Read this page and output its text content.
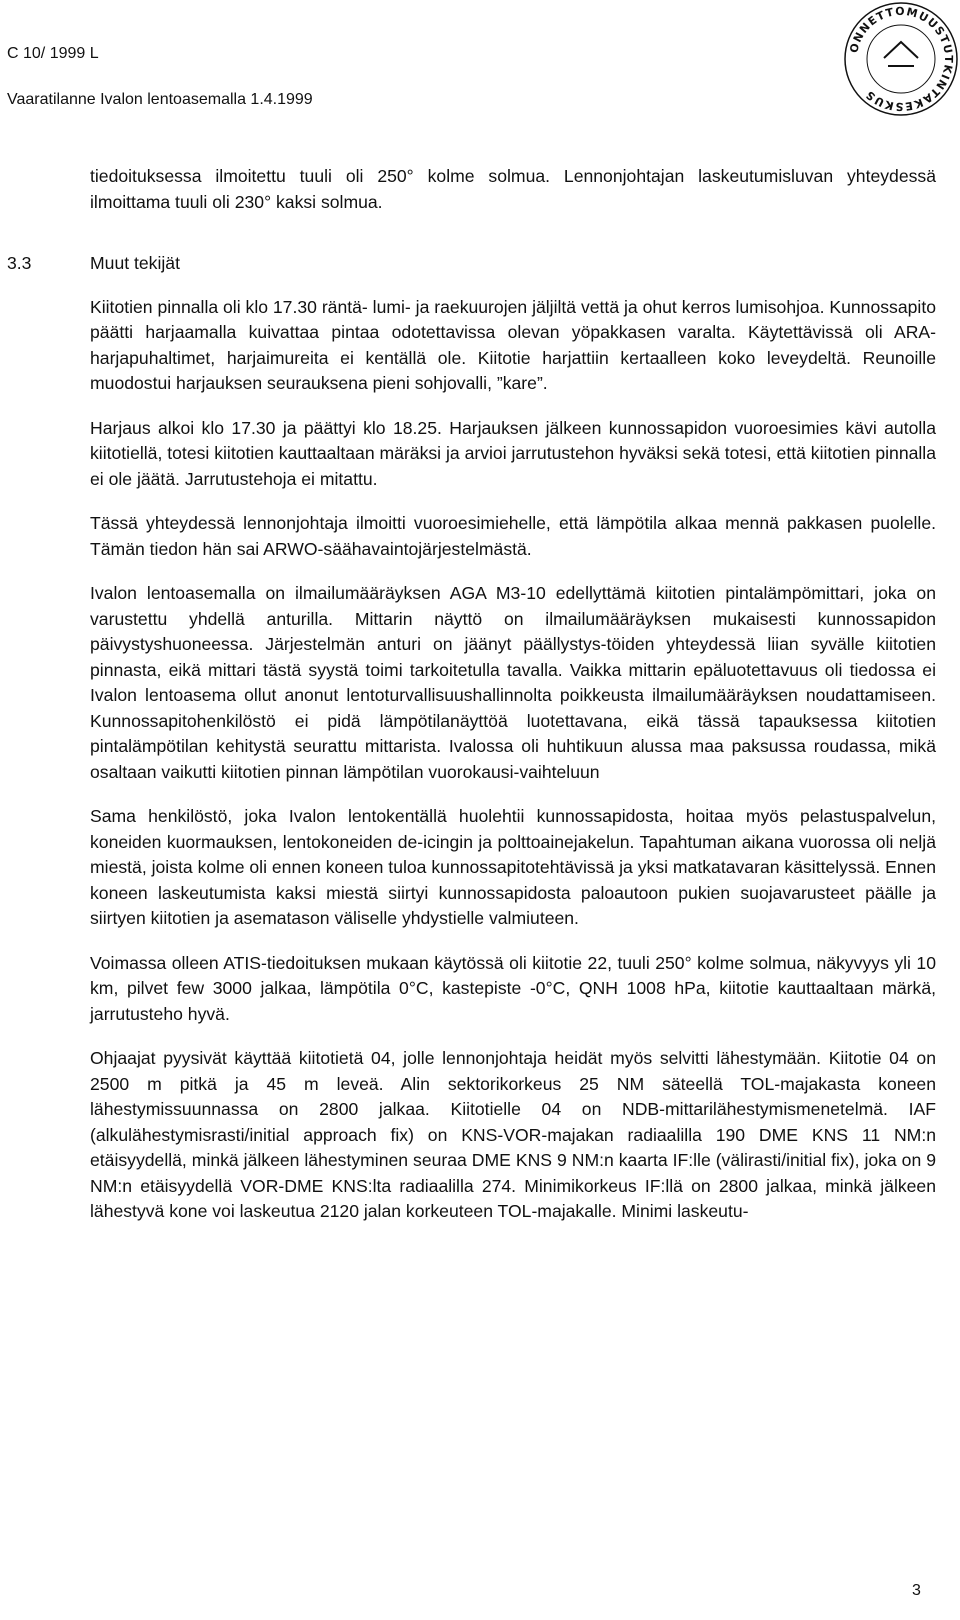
C 10/ 1999 L
Vaaratilanne Ivalon lentoasemalla 1.4.1999
ONNETTOMUUSTUTKINTAKESKUS

tiedoituksessa ilmoitettu tuuli oli 250° kolme solmua. Lennonjohtajan laskeutumisluvan yhteydessä ilmoittama tuuli oli 230° kaksi solmua.

3.3	Muut tekijät

Kiitotien pinnalla oli klo 17.30 räntä- lumi- ja raekuurojen jäljiltä vettä ja ohut kerros lumisohjoa. Kunnossapito päätti harjaamalla kuivattaa pintaa odotettavissa olevan yöpakkasen varalta. Käytettävissä oli ARA-harjapuhaltimet, harjaimureita ei kentällä ole. Kiitotie harjattiin kertaalleen koko leveydeltä. Reunoille muodostui harjauksen seurauksena pieni sohjovalli, ”kare”.

Harjaus alkoi klo 17.30 ja päättyi klo 18.25. Harjauksen jälkeen kunnossapidon vuoroesimies kävi autolla kiitotiellä, totesi kiitotien kauttaaltaan märäksi ja arvioi jarrutustehon hyväksi sekä totesi, että kiitotien pinnalla ei ole jäätä. Jarrutustehoja ei mitattu.

Tässä yhteydessä lennonjohtaja ilmoitti vuoroesimiehelle, että lämpötila alkaa mennä pakkasen puolelle. Tämän tiedon hän sai ARWO-säähavaintojärjestelmästä.

Ivalon lentoasemalla on ilmailumääräyksen AGA M3-10 edellyttämä kiitotien pintalämpömittari, joka on varustettu yhdellä anturilla. Mittarin näyttö on ilmailumääräyksen mukaisesti kunnossapidon päivystyshuoneessa. Järjestelmän anturi on jäänyt päällystys-töiden yhteydessä liian syvälle kiitotien pinnasta, eikä mittari tästä syystä toimi tarkoitetulla tavalla. Vaikka mittarin epäluotettavuus oli tiedossa ei Ivalon lentoasema ollut anonut lentoturvallisuushallinnolta poikkeusta ilmailumääräyksen noudattamiseen. Kunnossapitohenkilöstö ei pidä lämpötilanäyttöä luotettavana, eikä tässä tapauksessa kiitotien pintalämpötilan kehitystä seurattu mittarista. Ivalossa oli huhtikuun alussa maa paksussa roudassa, mikä osaltaan vaikutti kiitotien pinnan lämpötilan vuorokausi-vaihteluun

Sama henkilöstö, joka Ivalon lentokentällä huolehtii kunnossapidosta, hoitaa myös pelastuspalvelun, koneiden kuormauksen, lentokoneiden de-icingin ja polttoainejakelun. Tapahtuman aikana vuorossa oli neljä miestä, joista kolme oli ennen koneen tuloa kunnossapitotehtävissä ja yksi matkatavaran käsittelyssä. Ennen koneen laskeutumista kaksi miestä siirtyi kunnossapidosta paloautoon pukien suojavarusteet päälle ja siirtyen kiitotien ja asematason väliselle yhdystielle valmiuteen.

Voimassa olleen ATIS-tiedoituksen mukaan käytössä oli kiitotie 22, tuuli 250° kolme solmua, näkyvyys yli 10 km, pilvet few 3000 jalkaa, lämpötila 0°C, kastepiste -0°C, QNH 1008 hPa, kiitotie kauttaaltaan märkä, jarrutusteho hyvä.

Ohjaajat pyysivät käyttää kiitotietä 04, jolle lennonjohtaja heidät myös selvitti lähestymään. Kiitotie 04 on 2500 m pitkä ja 45 m leveä. Alin sektorikorkeus 25 NM säteellä TOL-majakasta koneen lähestymissuunnassa on 2800 jalkaa. Kiitotielle 04 on NDB-mittarilähestymismenetelmä. IAF (alkulähestymisrasti/initial approach fix) on KNS-VOR-majakan radiaalilla 190 DME KNS 11 NM:n etäisyydellä, minkä jälkeen lähestyminen seuraa DME KNS 9 NM:n kaarta IF:lle (välirasti/initial fix), joka on 9 NM:n etäisyydellä VOR-DME KNS:lta radiaalilla 274. Minimikorkeus IF:llä on 2800 jalkaa, minkä jälkeen lähestyvä kone voi laskeutua 2120 jalan korkeuteen TOL-majakalle. Minimi laskeutu-

3
